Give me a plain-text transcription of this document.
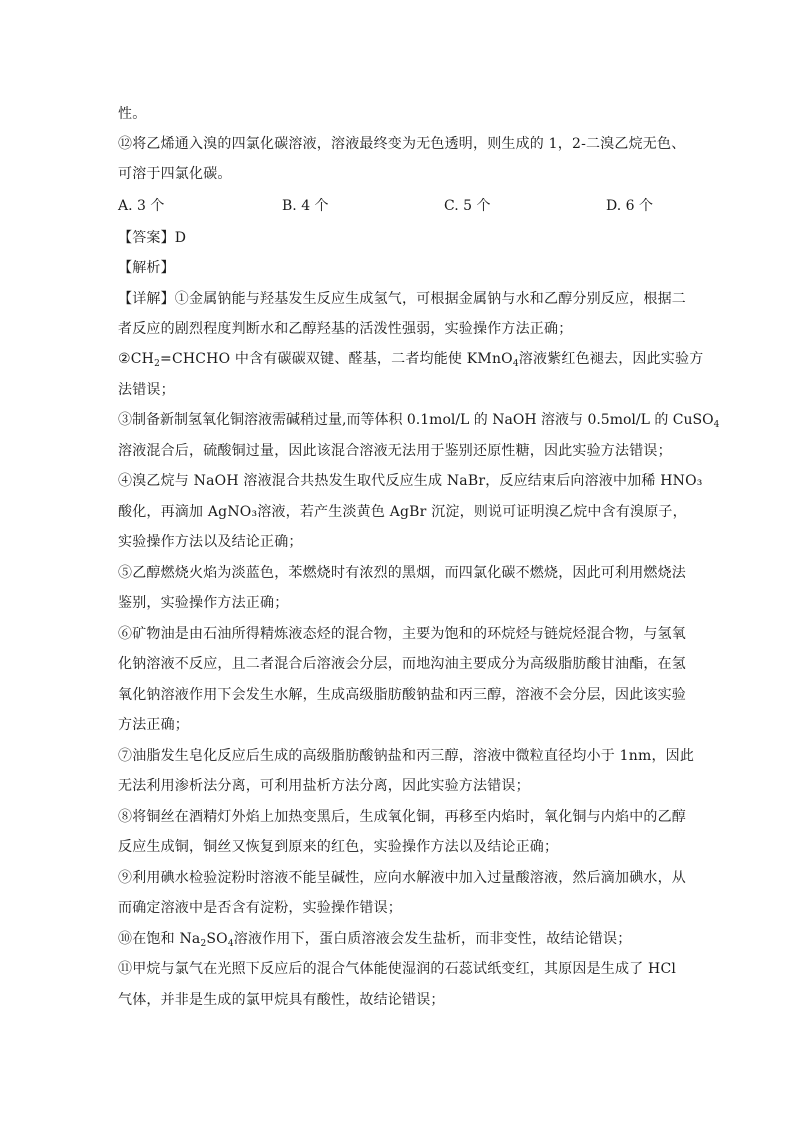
性。
⑫将乙烯通入溴的四氯化碳溶液，溶液最终变为无色透明，则生成的 1，2-二溴乙烷无色、
可溶于四氯化碳。
A. 3 个	B. 4 个	C. 5 个	D. 6 个
【答案】D
【解析】
【详解】①金属钠能与羟基发生反应生成氢气，可根据金属钠与水和乙醇分别反应，根据二
者反应的剧烈程度判断水和乙醇羟基的活泼性强弱，实验操作方法正确；
$②CH_2=CHCHO$ 中含有碳碳双键、醛基，二者均能使 KMnO$_4$溶液紫红色褪去，因此实验方
法错误；
③制备新制氢氧化铜溶液需碱稍过量,而等体积 0.1mol/L 的 NaOH 溶液与 0.5mol/L 的 CuSO$_4$
溶液混合后，硫酸铜过量，因此该混合溶液无法用于鉴别还原性糖，因此实验方法错误；
④溴乙烷与 NaOH 溶液混合共热发生取代反应生成 NaBr，反应结束后向溶液中加稀 HNO₃
酸化，再滴加 AgNO₃溶液，若产生淡黄色 AgBr 沉淀，则说可证明溴乙烷中含有溴原子，
实验操作方法以及结论正确；
⑤乙醇燃烧火焰为淡蓝色，苯燃烧时有浓烈的黑烟，而四氯化碳不燃烧，因此可利用燃烧法
鉴别，实验操作方法正确；
⑥矿物油是由石油所得精炼液态烃的混合物，主要为饱和的环烷烃与链烷烃混合物，与氢氧
化钠溶液不反应，且二者混合后溶液会分层，而地沟油主要成分为高级脂肪酸甘油酯，在氢
氧化钠溶液作用下会发生水解，生成高级脂肪酸钠盐和丙三醇，溶液不会分层，因此该实验
方法正确；
⑦油脂发生皂化反应后生成的高级脂肪酸钠盐和丙三醇，溶液中微粒直径均小于 1nm，因此
无法利用渗析法分离，可利用盐析方法分离，因此实验方法错误；
⑧将铜丝在酒精灯外焰上加热变黑后，生成氧化铜，再移至内焰时，氧化铜与内焰中的乙醇
反应生成铜，铜丝又恢复到原来的红色，实验操作方法以及结论正确；
⑨利用碘水检验淀粉时溶液不能呈碱性，应向水解液中加入过量酸溶液，然后滴加碘水，从
而确定溶液中是否含有淀粉，实验操作错误；
⑩在饱和 $Na_2SO_4$溶液作用下，蛋白质溶液会发生盐析，而非变性，故结论错误；
⑪甲烷与氯气在光照下反应后的混合气体能使湿润的石蕊试纸变红，其原因是生成了 HCl
气体，并非是生成的氯甲烷具有酸性，故结论错误；
